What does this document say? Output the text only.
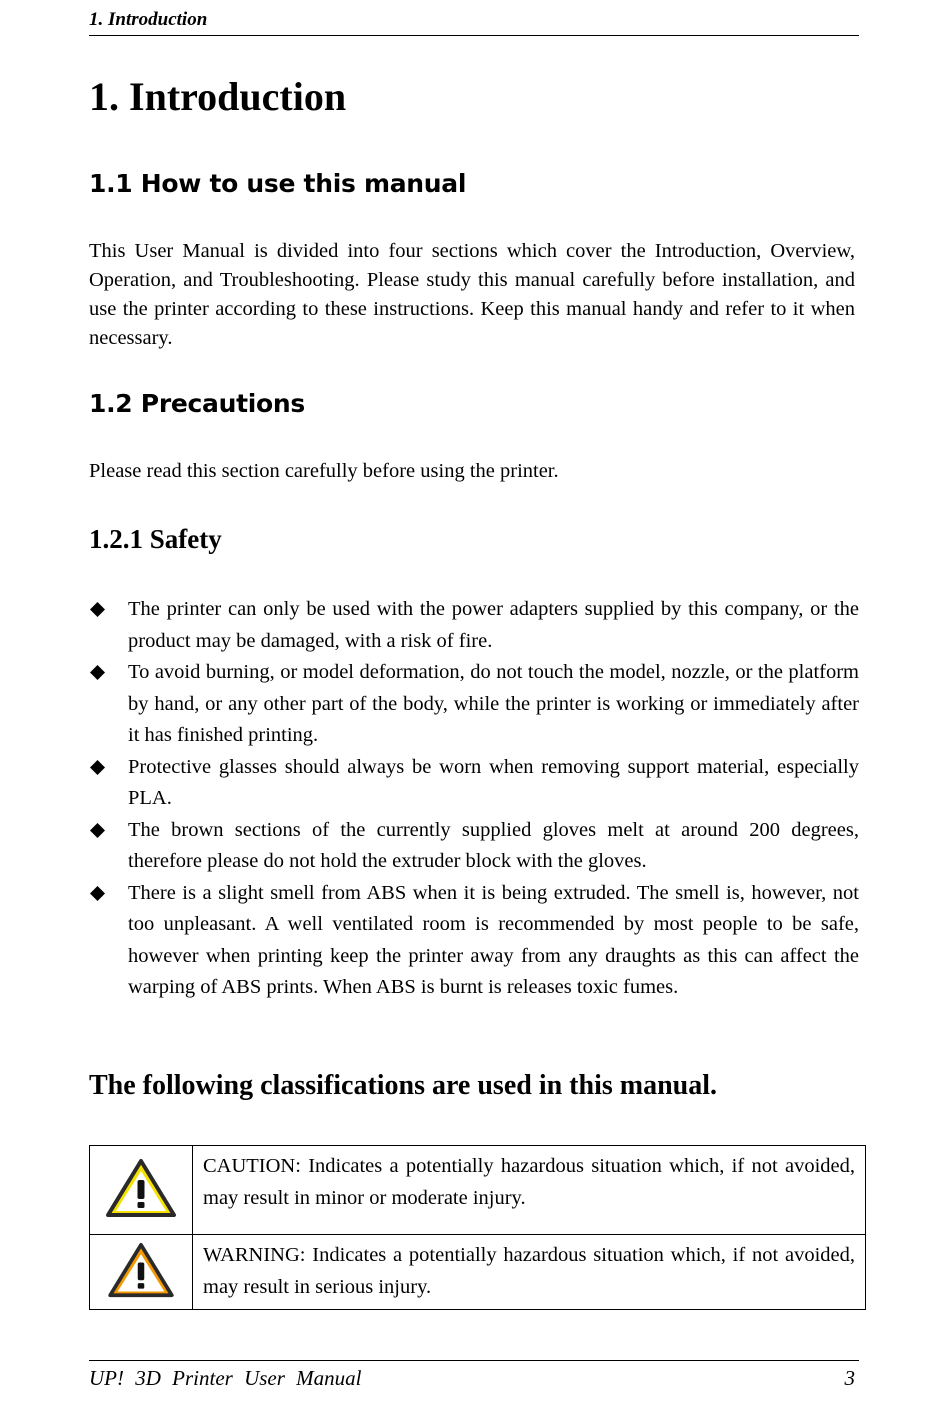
1. Introduction
1. Introduction
1.1 How to use this manual

This User Manual is divided into four sections which cover the Introduction, Overview, Operation, and Troubleshooting. Please study this manual carefully before installation, and use the printer according to these instructions. Keep this manual handy and refer to it when necessary.

1.2 Precautions

Please read this section carefully before using the printer.

1.2.1 Safety
The printer can only be used with the power adapters supplied by this company, or the product may be damaged, with a risk of fire.
To avoid burning, or model deformation, do not touch the model, nozzle, or the platform by hand, or any other part of the body, while the printer is working or immediately after it has finished printing.
Protective glasses should always be worn when removing support material, especially PLA.
The brown sections of the currently supplied gloves melt at around 200 degrees, therefore please do not hold the extruder block with the gloves.
There is a slight smell from ABS when it is being extruded. The smell is, however, not too unpleasant. A well ventilated room is recommended by most people to be safe, however when printing keep the printer away from any draughts as this can affect the warping of ABS prints. When ABS is burnt is releases toxic fumes.
The following classifications are used in this manual.
	CAUTION: Indicates a potentially hazardous situation which, if not avoided, may result in minor or moderate injury.
	WARNING: Indicates a potentially hazardous situation which, if not avoided, may result in serious injury.
UP! 3D Printer User Manual	3
